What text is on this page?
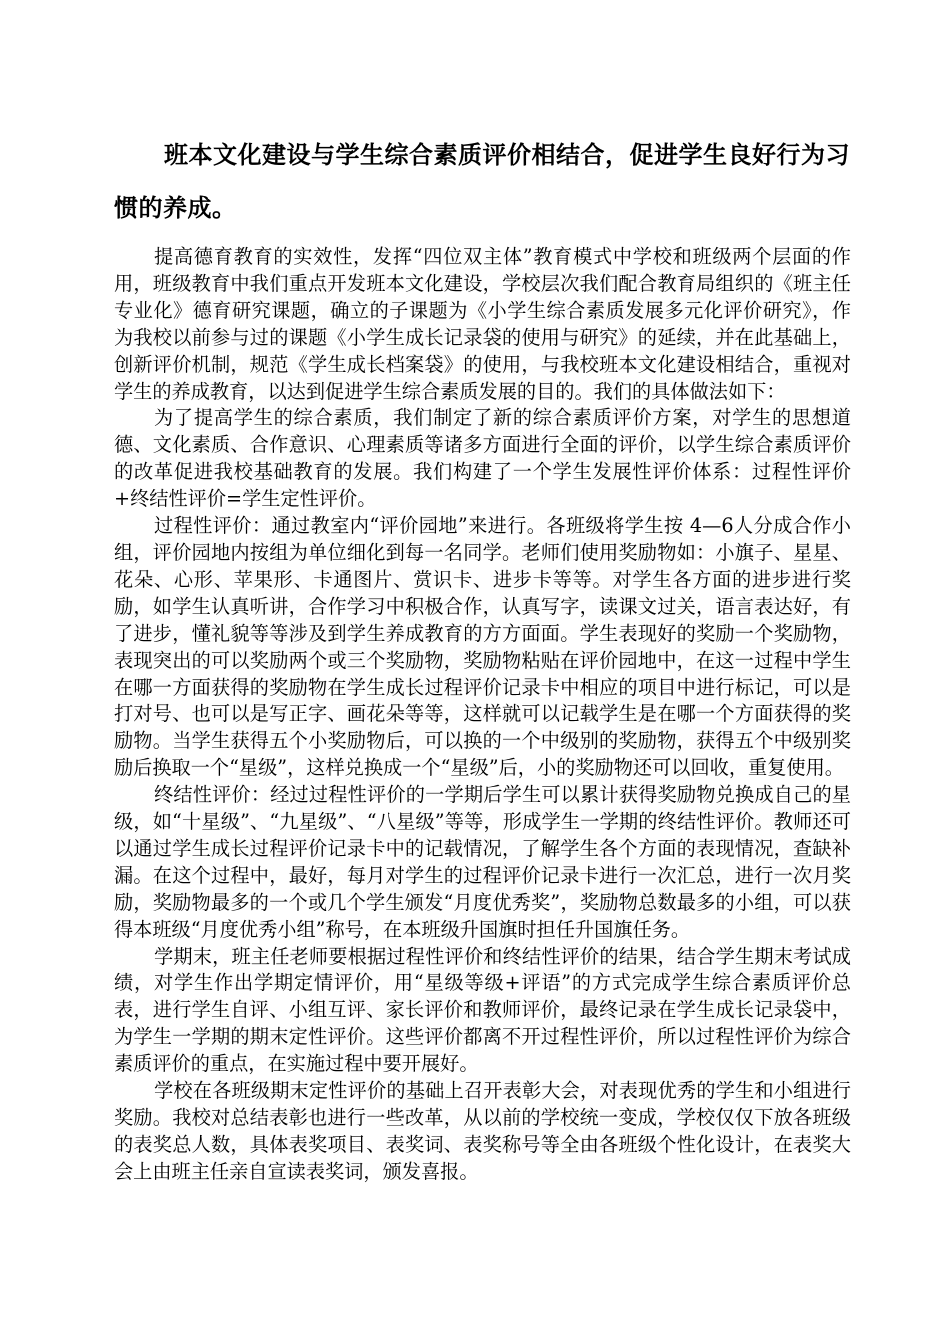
班本文化建设与学生综合素质评价相结合，促进学生良好行为习惯的养成。

提高德育教育的实效性，发挥“四位双主体”教育模式中学校和班级两个层面的作用，班级教育中我们重点开发班本文化建设，学校层次我们配合教育局组织的《班主任专业化》德育研究课题，确立的子课题为《小学生综合素质发展多元化评价研究》，作为我校以前参与过的课题《小学生成长记录袋的使用与研究》的延续，并在此基础上，创新评价机制，规范《学生成长档案袋》的使用，与我校班本文化建设相结合，重视对学生的养成教育，以达到促进学生综合素质发展的目的。我们的具体做法如下：

为了提高学生的综合素质，我们制定了新的综合素质评价方案，对学生的思想道德、文化素质、合作意识、心理素质等诸多方面进行全面的评价，以学生综合素质评价的改革促进我校基础教育的发展。我们构建了一个学生发展性评价体系：过程性评价+终结性评价=学生定性评价。

过程性评价：通过教室内“评价园地”来进行。各班级将学生按 4—6人分成合作小组，评价园地内按组为单位细化到每一名同学。老师们使用奖励物如：小旗子、星星、花朵、心形、苹果形、卡通图片、赏识卡、进步卡等等。对学生各方面的进步进行奖励，如学生认真听讲，合作学习中积极合作，认真写字，读课文过关，语言表达好，有了进步，懂礼貌等等涉及到学生养成教育的方方面面。学生表现好的奖励一个奖励物，表现突出的可以奖励两个或三个奖励物，奖励物粘贴在评价园地中，在这一过程中学生在哪一方面获得的奖励物在学生成长过程评价记录卡中相应的项目中进行标记，可以是打对号、也可以是写正字、画花朵等等，这样就可以记载学生是在哪一个方面获得的奖励物。当学生获得五个小奖励物后，可以换的一个中级别的奖励物，获得五个中级别奖励后换取一个“星级”，这样兑换成一个“星级”后，小的奖励物还可以回收，重复使用。

终结性评价：经过过程性评价的一学期后学生可以累计获得奖励物兑换成自己的星级，如“十星级”、“九星级”、“八星级”等等，形成学生一学期的终结性评价。教师还可以通过学生成长过程评价记录卡中的记载情况，了解学生各个方面的表现情况，查缺补漏。在这个过程中，最好，每月对学生的过程评价记录卡进行一次汇总，进行一次月奖励，奖励物最多的一个或几个学生颁发“月度优秀奖”，奖励物总数最多的小组，可以获得本班级“月度优秀小组”称号，在本班级升国旗时担任升国旗任务。

学期末，班主任老师要根据过程性评价和终结性评价的结果，结合学生期末考试成绩，对学生作出学期定情评价，用“星级等级+评语”的方式完成学生综合素质评价总表，进行学生自评、小组互评、家长评价和教师评价，最终记录在学生成长记录袋中，为学生一学期的期末定性评价。这些评价都离不开过程性评价，所以过程性评价为综合素质评价的重点，在实施过程中要开展好。

学校在各班级期末定性评价的基础上召开表彰大会，对表现优秀的学生和小组进行奖励。我校对总结表彰也进行一些改革，从以前的学校统一变成，学校仅仅下放各班级的表奖总人数，具体表奖项目、表奖词、表奖称号等全由各班级个性化设计，在表奖大会上由班主任亲自宣读表奖词，颁发喜报。
